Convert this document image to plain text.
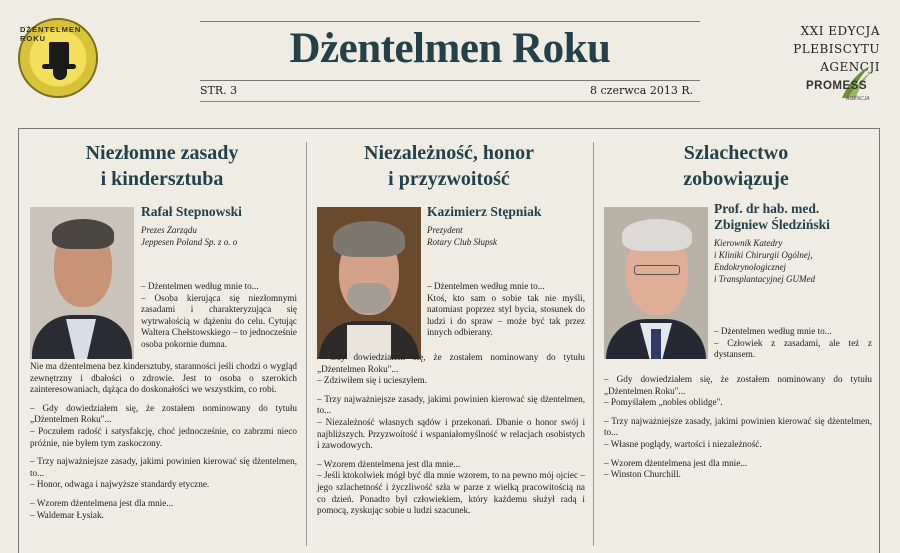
DŻENTELMEN ROKU	Dżentelmen Roku
STR. 3	8 czerwca 2013 R.
XXI EDYCJA
PLEBISCYTU AGENCJI
PROMESS
AGENCJA
Niezłomne zasady
i kindersztuba
Rafał Stepnowski
Prezes Zarządu
Jeppesen Poland Sp. z o. o

– Dżentelmen według mnie to...

– Osoba kierująca się niezłomnymi zasadami i charakteryzująca się wytrwałością w dążeniu do celu. Cytując Waltera Chełstowskiego – to jednocześnie osoba pokornie dumna.

Nie ma dżentelmena bez kindersztuby, staranności jeśli chodzi o wygląd zewnętrzny i dbałości o zdrowie. Jest to osoba o szerokich zainteresowaniach, dążąca do doskonałości we wszystkim, co robi.

– Gdy dowiedziałem się, że zostałem nominowany do tytułu „Dżentelmen Roku"...

– Poczułem radość i satysfakcję, choć jednocześnie, co zabrzmi nieco próżnie, nie byłem tym zaskoczony.

– Trzy najważniejsze zasady, jakimi powinien kierować się dżentelmen, to...

– Honor, odwaga i najwyższe standardy etyczne.

– Wzorem dżentelmena jest dla mnie...

– Waldemar Łysiak.

Niezależność, honor
i przyzwoitość
Kazimierz Stępniak
Prezydent
Rotary Club Słupsk

– Dżentelmen według mnie to...

Ktoś, kto sam o sobie tak nie myśli, natomiast poprzez styl bycia, stosunek do ludzi i do spraw – może być tak przez innych odbierany.

– Gdy dowiedziałem się, że zostałem nominowany do tytułu „Dżentelmen Roku"...

– Zdziwiłem się i ucieszyłem.

– Trzy najważniejsze zasady, jakimi powinien kierować się dżentelmen, to...

– Niezależność własnych sądów i przekonań. Dbanie o honor swój i najbliższych. Przyzwoitość i wspaniałomyślność w relacjach osobistych i zawodowych.

– Wzorem dżentelmena jest dla mnie...

– Jeśli ktokolwiek mógł być dla mnie wzorem, to na pewno mój ojciec – jego szlachetność i życzliwość szła w parze z wielką pracowitością na co dzień. Ponadto był człowiekiem, który każdemu służył radą i pomocą, zyskując sobie u ludzi szacunek.

Szlachectwo
zobowiązuje
Prof. dr hab. med.
Zbigniew Śledziński
Kierownik Katedry
i Kliniki Chirurgii Ogólnej,
Endokrynologicznej
i Transplantacyjnej GUMed

– Dżentelmen według mnie to...

– Człowiek z zasadami, ale też z dystansem.

– Gdy dowiedziałem się, że zostałem nominowany do tytułu „Dżentelmen Roku"...

– Pomyślałem „nobles oblidge".

– Trzy najważniejsze zasady, jakimi powinien kierować się dżentelmen, to...

– Własne poglądy, wartości i niezależność.

– Wzorem dżentelmena jest dla mnie...

– Winston Churchill.
